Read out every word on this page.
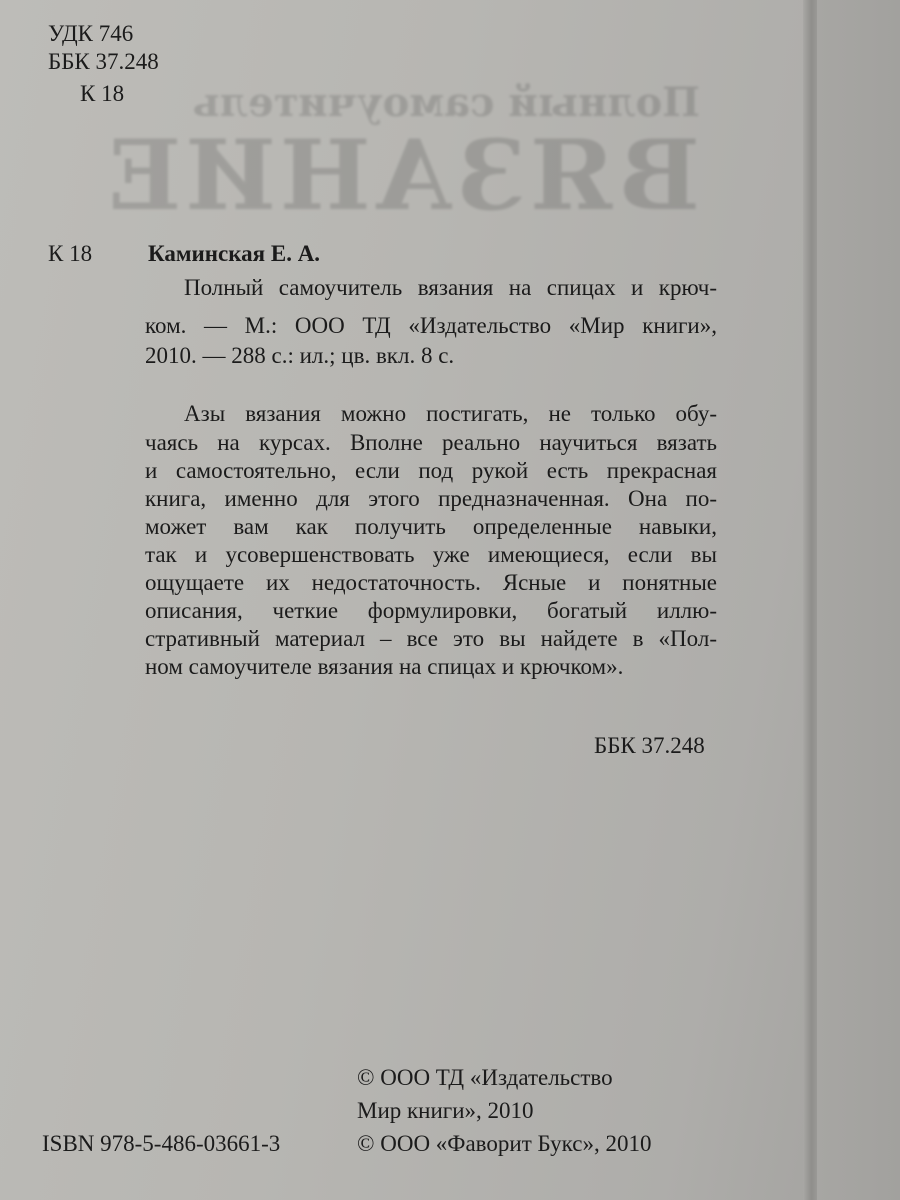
УДК 746
ББК 37.248
К 18
К 18 Каминская Е. А.
Полный самоучитель вязания на спицах и крюч-
ком. — М.: ООО ТД «Издательство «Мир книги»,
2010. — 288 с.: ил.; цв. вкл. 8 с.
Азы вязания можно постигать, не только обу-
чаясь на курсах. Вполне реально научиться вязать
и самостоятельно, если под рукой есть прекрасная
книга, именно для этого предназначенная. Она по-
может вам как получить определенные навыки,
так и усовершенствовать уже имеющиеся, если вы
ощущаете их недостаточность. Ясные и понятные
описания, четкие формулировки, богатый иллю-
стративный материал – все это вы найдете в «Пол-
ном самоучителе вязания на спицах и крючком».
ББК 37.248
© ООО ТД «Издательство
Мир книги», 2010
© ООО «Фаворит Букс», 2010
ISBN 978-5-486-03661-3
